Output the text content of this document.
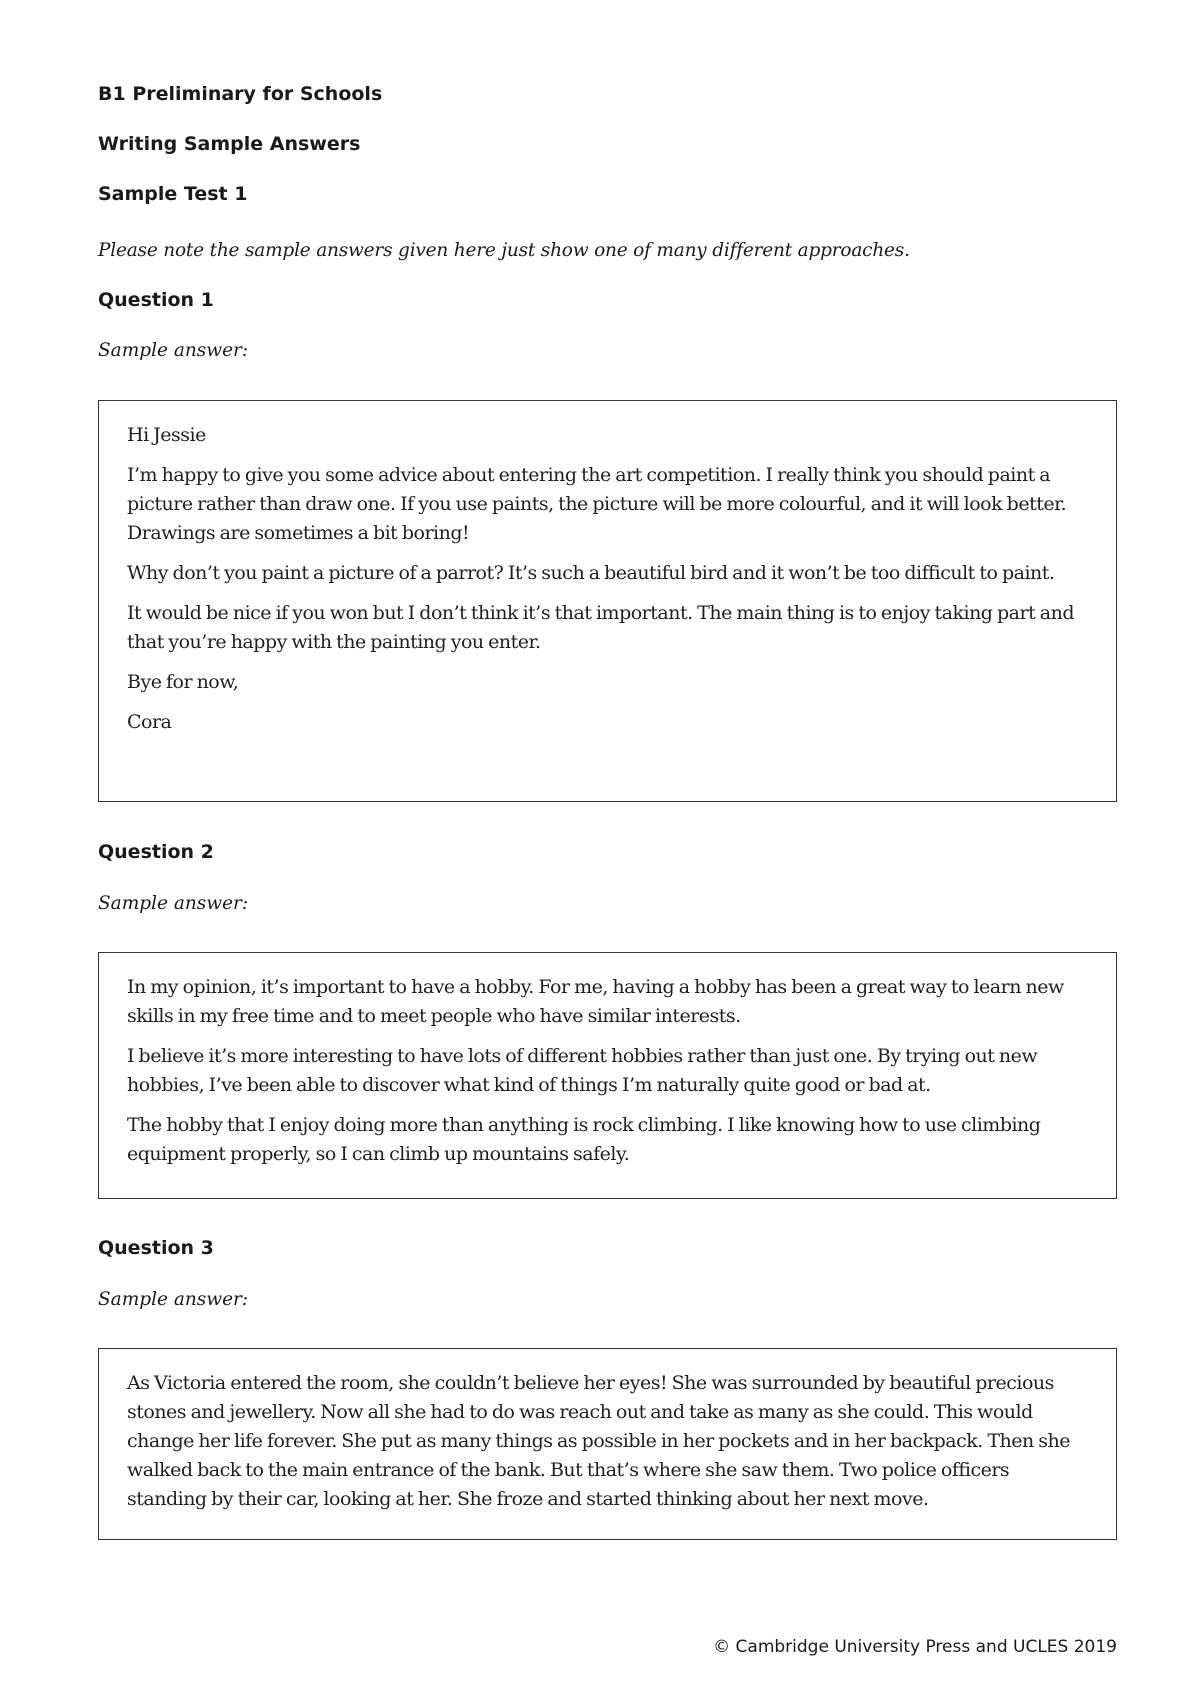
B1 Preliminary for Schools

Writing Sample Answers

Sample Test 1

Please note the sample answers given here just show one of many different approaches.

Question 1

Sample answer:

Hi Jessie

I’m happy to give you some advice about entering the art competition. I really think you should paint a picture rather than draw one. If you use paints, the picture will be more colourful, and it will look better. Drawings are sometimes a bit boring!

Why don’t you paint a picture of a parrot? It’s such a beautiful bird and it won’t be too difficult to paint.

It would be nice if you won but I don’t think it’s that important. The main thing is to enjoy taking part and that you’re happy with the painting you enter.

Bye for now,

Cora

Question 2

Sample answer:

In my opinion, it’s important to have a hobby. For me, having a hobby has been a great way to learn new skills in my free time and to meet people who have similar interests.

I believe it’s more interesting to have lots of different hobbies rather than just one. By trying out new hobbies, I’ve been able to discover what kind of things I’m naturally quite good or bad at.

The hobby that I enjoy doing more than anything is rock climbing. I like knowing how to use climbing equipment properly, so I can climb up mountains safely.

Question 3

Sample answer:

As Victoria entered the room, she couldn’t believe her eyes! She was surrounded by beautiful precious stones and jewellery. Now all she had to do was reach out and take as many as she could. This would change her life forever. She put as many things as possible in her pockets and in her backpack. Then she walked back to the main entrance of the bank. But that’s where she saw them. Two police officers standing by their car, looking at her. She froze and started thinking about her next move.

© Cambridge University Press and UCLES 2019
